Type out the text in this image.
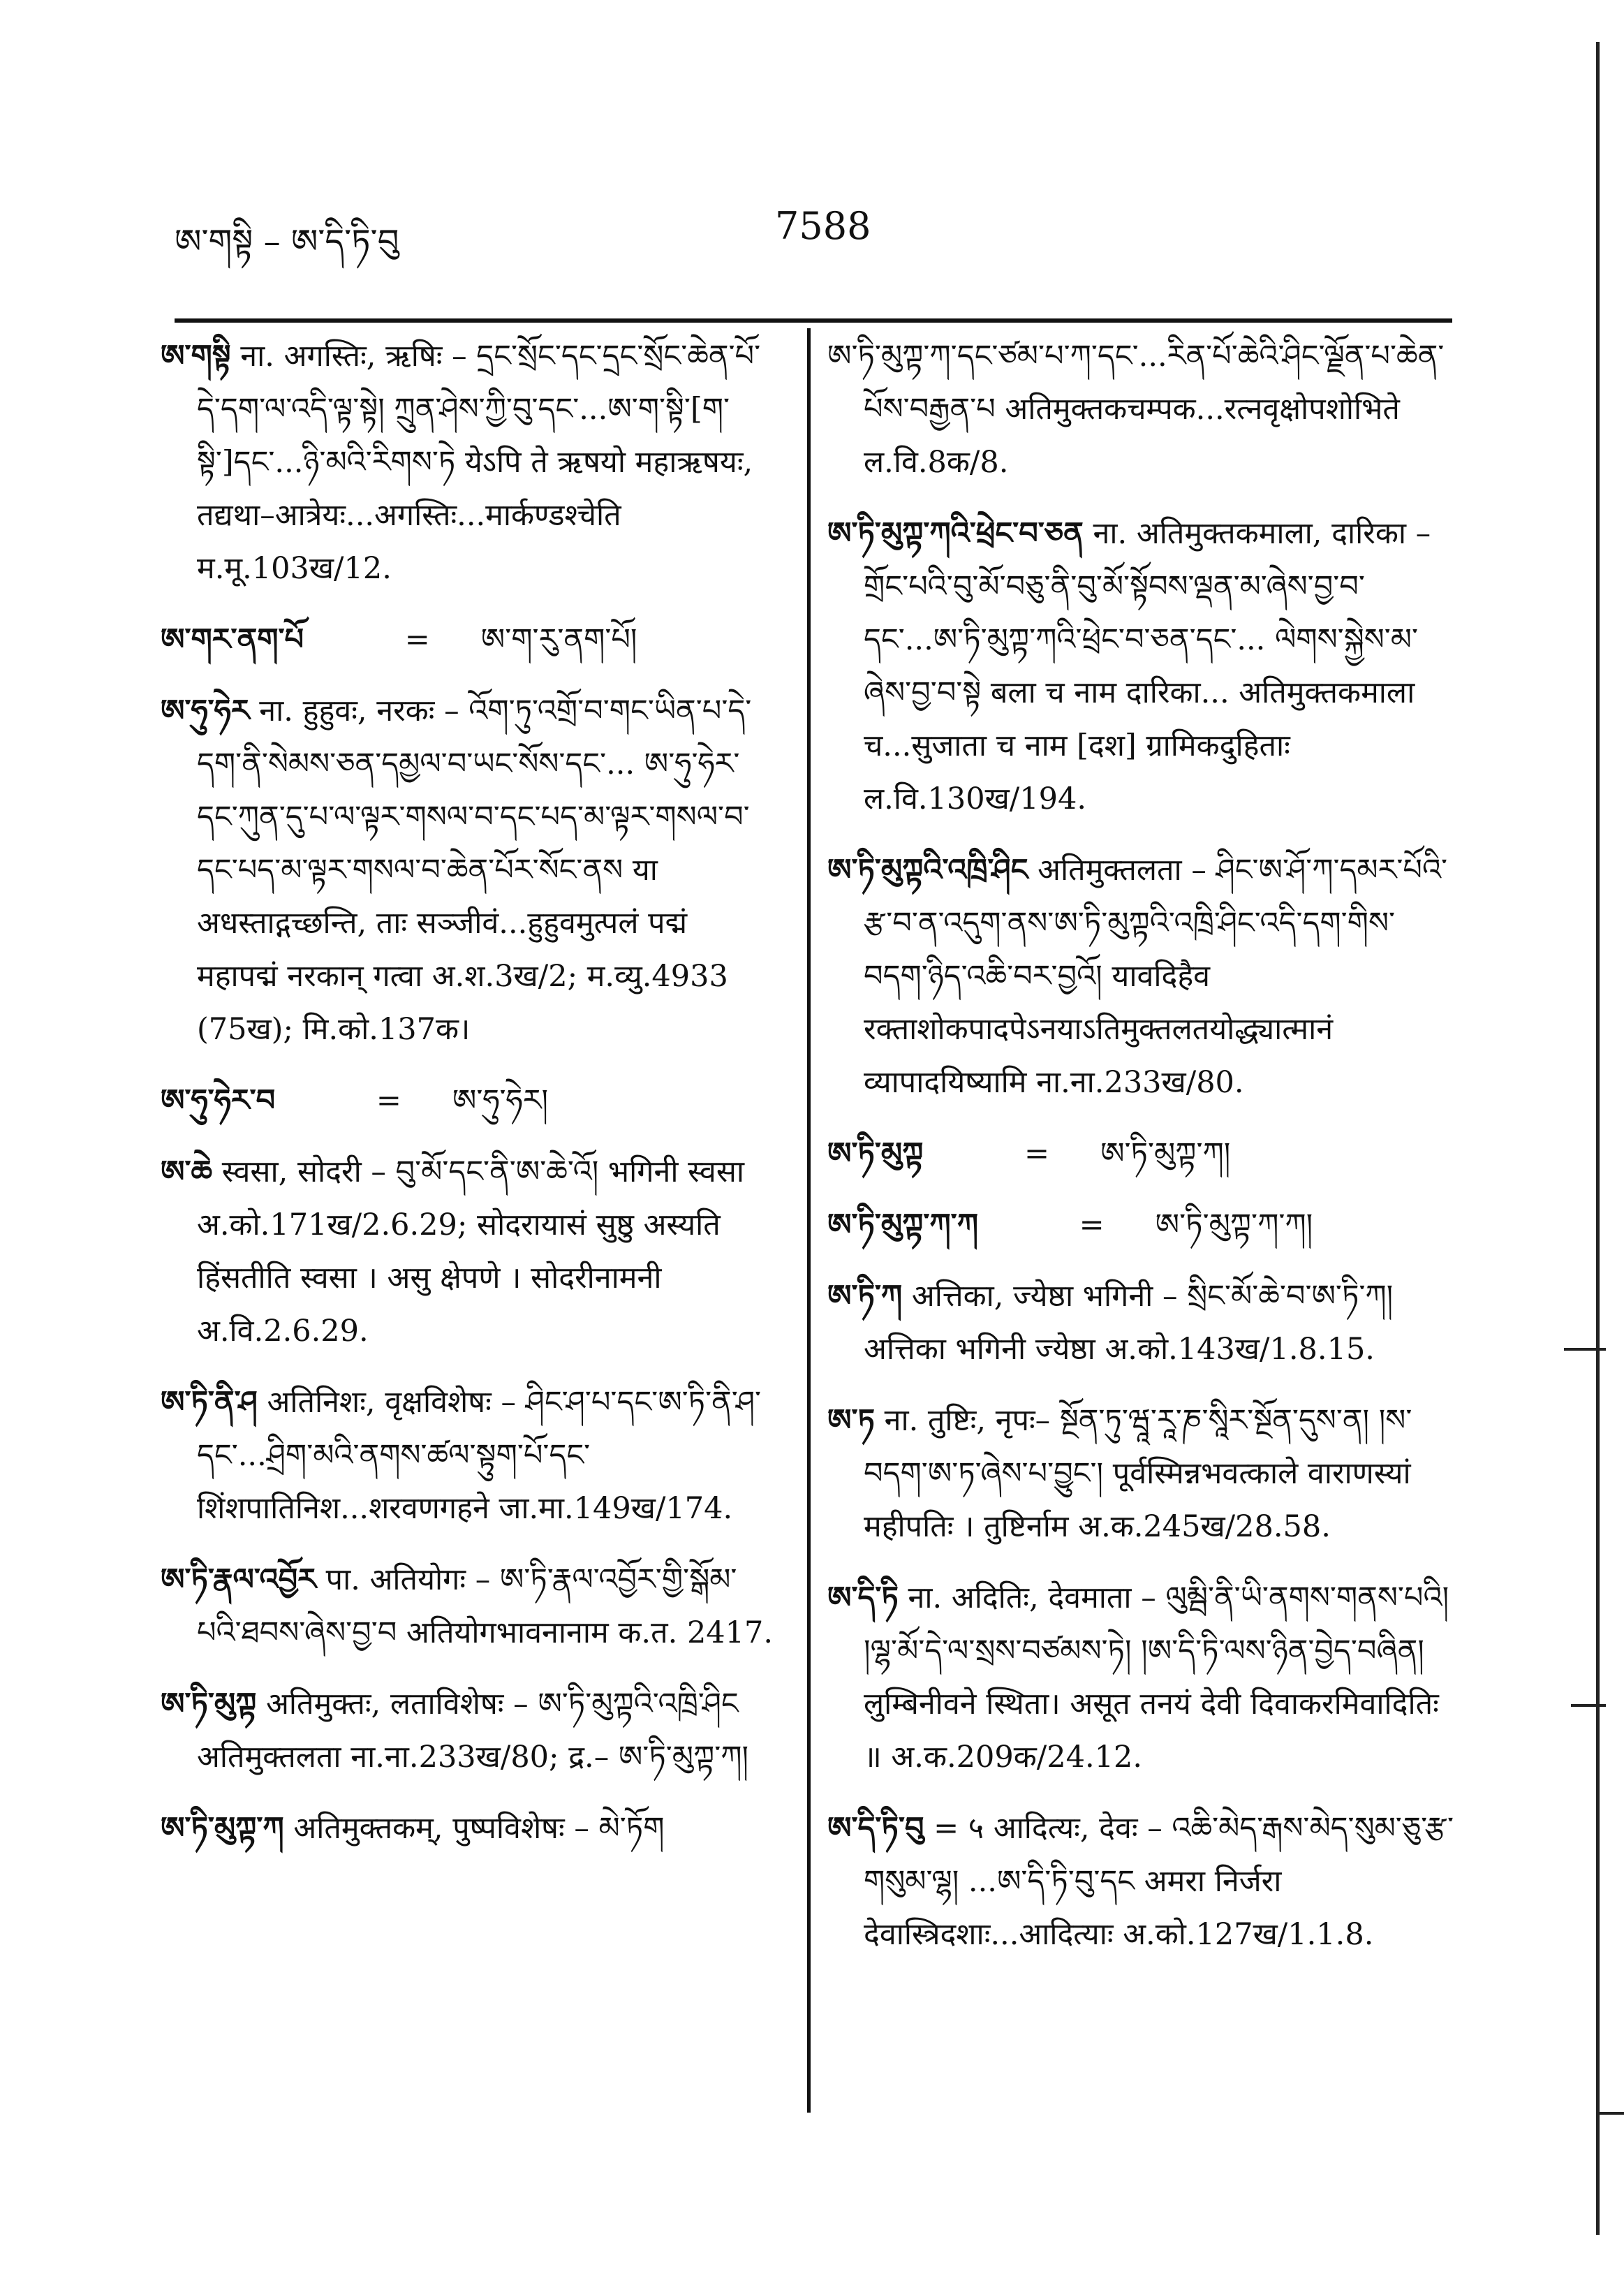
ཨ་གསྟི – ཨ་དི་ཏི་བུ	7588
ཨ་གསྟི ना. अगस्तिः, ऋषिः – དྲང་སྲོང་དང་དྲང་སྲོང་ཆེན་པོ་དེ་དག་ལ་འདི་ལྟ་སྟེ། ཀྲུན་ཤེས་ཀྱི་བུ་དང་...ཨ་ག་སྟི་[ག་སྟི་]དང་...ཉི་མའི་རིགས་ཏེ येऽपि ते ऋषयो महाऋषयः, तद्यथा–आत्रेयः...अगस्तिः...मार्कण्डश्चेति म.मू.103ख/12.
ཨ་གར་ནག་པོ	= ཨ་ག་རུ་ནག་པོ།
ཨ་ཧུ་ཧེར ना. हुहुवः, नरकः – འོག་ཏུ་འགྲོ་བ་གང་ཡིན་པ་དེ་དག་ནི་སེམས་ཅན་དམྱལ་བ་ཡང་སོས་དང་... ཨ་ཧུ་ཧེར་དང་ཀུན་དུ་པ་ལ་ལྟར་གསལ་བ་དང་པད་མ་ལྟར་གསལ་བ་དང་པད་མ་ལྟར་གསལ་བ་ཆེན་པོར་སོང་ནས या अधस्ताद्गच्छन्ति, ताः सञ्जीवं...हुहुवमुत्पलं पद्मं महापद्मं नरकान् गत्वा अ.श.3ख/2; म.व्यु.4933 (75ख); मि.को.137क।
ཨ་ཧུ་ཧེར་བ	= ཨ་ཧུ་ཧེར།
ཨ་ཆེ स्वसा, सोदरी – བུ་མོ་དང་ནི་ཨ་ཆེ་འོ། भगिनी स्वसा अ.को.171ख/2.6.29; सोदरायासं सुष्ठु अस्यति हिंसतीति स्वसा । असु क्षेपणे । सोदरीनामनी अ.वि.2.6.29.
ཨ་ཏི་ནི་ཤ अतिनिशः, वृक्षविशेषः – ཤིང་ཤ་པ་དང་ཨ་ཏི་ནི་ཤ་དང་...ཤྲིག་མའི་ནགས་ཚལ་སྟུག་པོ་དང་ शिंशपातिनिश...शरवणगहने जा.मा.149ख/174.
ཨ་ཏི་རྣལ་འབྱོར पा. अतियोगः – ཨ་ཏི་རྣལ་འབྱོར་གྱི་སྒོམ་པའི་ཐབས་ཞེས་བྱ་བ अतियोगभावनानाम क.त. 2417.
ཨ་ཏི་མུཀྟ अतिमुक्तः, लताविशेषः – ཨ་ཏི་མུཀྟའི་འཁྲི་ཤིང अतिमुक्तलता ना.ना.233ख/80; द्र.– ཨ་ཏི་མུཀྟ་ཀ།
ཨ་ཏི་མུཀྟ་ཀ अतिमुक्तकम्, पुष्पविशेषः – མེ་ཏོག
ཨ་ཏི་མུཀྟ་ཀ་དང་ཙམ་པ་ཀ་དང་...རིན་པོ་ཆེའི་ཤིང་ལྗོན་པ་ཆེན་པོས་བརྒྱན་པ अतिमुक्तकचम्पक...रत्नवृक्षोपशोभिते ल.वि.8क/8.
ཨ་ཏི་མུཀྟ་ཀའི་ཕྲེང་བ་ཅན ना. अतिमुक्तकमाला, दारिका – གྲོང་པའི་བུ་མོ་བཅུ་ནི་བུ་མོ་སྟོབས་ལྡན་མ་ཞེས་བྱ་བ་དང་...ཨ་ཏི་མུཀྟ་ཀའི་ཕྲེང་བ་ཅན་དང་... ལེགས་སྐྱེས་མ་ཞེས་བྱ་བ་སྟེ बला च नाम दारिका... अतिमुक्तकमाला च...सुजाता च नाम [दश] ग्रामिकदुहिताः ल.वि.130ख/194.
ཨ་ཏི་མུཀྟའི་འཁྲི་ཤིང अतिमुक्तलता – ཤིང་ཨ་ཤོ་ཀ་དམར་པོའི་རྩ་བ་ན་འདུག་ནས་ཨ་ཏི་མུཀྟའི་འཁྲི་ཤིང་འདི་དག་གིས་བདག་ཉིད་འཆི་བར་བྱའོ། यावदिहैव रक्ताशोकपादपेऽनयाऽतिमुक्तलतयोद्ध्यात्मानं व्यापादयिष्यामि ना.ना.233ख/80.
ཨ་ཏི་མུཀྟ	= ཨ་ཏི་མུཀྟ་ཀ།
ཨ་ཏི་མུཀྟ་ཀ་ཀ	= ཨ་ཏི་མུཀྟ་ཀ་ཀ།
ཨ་ཏི་ཀ अत्तिका, ज्येष्ठा भगिनी – སྲིང་མོ་ཆེ་བ་ཨ་ཏི་ཀ། अत्तिका भगिनी ज्येष्ठा अ.को.143ख/1.8.15.
ཨ་ཏ ना. तुष्टिः, नृपः– སྔོན་ཏུ་ཝཱ་རཱ་ཎ་སཱིར་སྔོན་དུས་ན། །ས་བདག་ཨ་ཏ་ཞེས་པ་བྱུང་། पूर्वस्मिन्नभवत्काले वाराणस्यां महीपतिः । तुष्टिर्नाम अ.क.245ख/28.58.
ཨ་དི་ཏི ना. अदितिः, देवमाता – ལུམྦི་ནི་ཡི་ནགས་གནས་པའི། །ལྷ་མོ་དེ་ལ་སྲས་བཙམས་ཏེ། །ཨ་དི་ཏི་ལས་ཉིན་བྱེད་བཞིན། लुम्बिनीवने स्थिता। असूत तनयं देवी दिवाकरमिवादितिः ॥ अ.क.209क/24.12.
ཨ་དི་ཏི་བུ = ५ आदित्यः, देवः – འཆི་མེད་རྒས་མེད་སུམ་ཅུ་རྩ་གསུམ་ལྷ། ...ཨ་དི་ཏི་བུ་དང अमरा निर्जरा देवास्त्रिदशाः...आदित्याः अ.को.127ख/1.1.8.
